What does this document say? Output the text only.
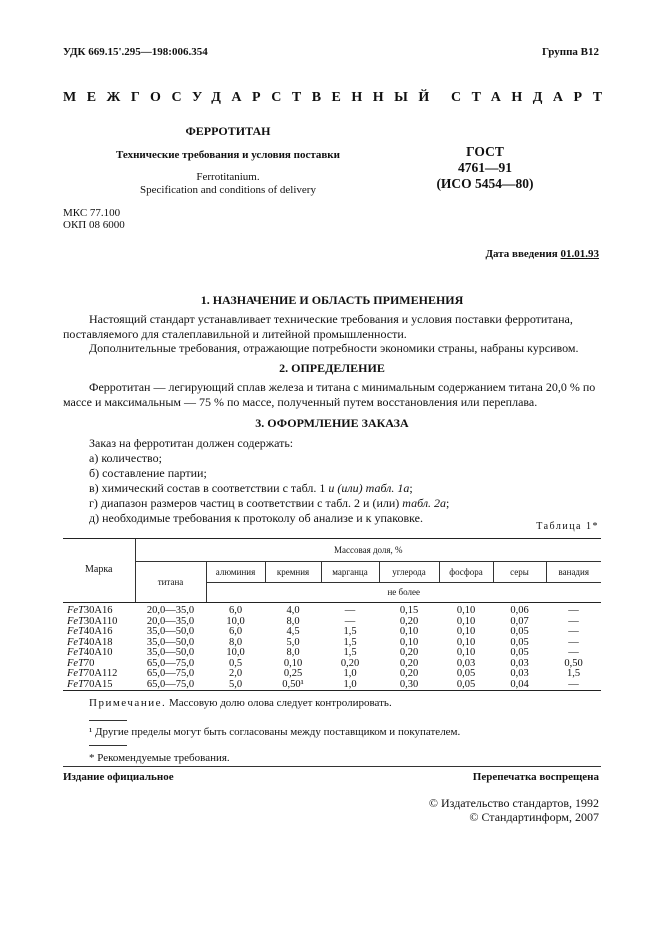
УДК 669.15'.295—198:006.354	Группа В12
МЕЖГОСУДАРСТВЕННЫЙ СТАНДАРТ
ФЕРРОТИТАН
Технические требования и условия поставки
Ferrotitanium.
Specification and conditions of delivery
ГОСТ
4761—91
(ИСО 5454—80)
МКС 77.100
ОКП 08 6000
Дата введения 01.01.93
1. НАЗНАЧЕНИЕ И ОБЛАСТЬ ПРИМЕНЕНИЯ
Настоящий стандарт устанавливает технические требования и условия поставки ферротитана, поставляемого для сталеплавильной и литейной промышленности.
Дополнительные требования, отражающие потребности экономики страны, набраны курсивом.
2. ОПРЕДЕЛЕНИЕ
Ферротитан — легирующий сплав железа и титана с минимальным содержанием титана 20,0 % по массе и максимальным — 75 % по массе, полученный путем восстановления или переплава.
3. ОФОРМЛЕНИЕ ЗАКАЗА
Заказ на ферротитан должен содержать:
а) количество;
б) составление партии;
в) химический состав в соответствии с табл. 1 и (или) табл. 1а;
г) диапазон размеров частиц в соответствии с табл. 2 и (или) табл. 2а;
д) необходимые требования к протоколу об анализе и к упаковке.
Таблица 1*
Марка	Массовая доля, %							
	титана	алюминия	кремния	марганца	углерода	фосфора	серы	ванадия
		не более						
FeT30A16	20,0—35,0	6,0	4,0	—	0,15	0,10	0,06	—
FeT30A110	20,0—35,0	10,0	8,0	—	0,20	0,10	0,07	—
FeT40A16	35,0—50,0	6,0	4,5	1,5	0,10	0,10	0,05	—
FeT40A18	35,0—50,0	8,0	5,0	1,5	0,10	0,10	0,05	—
FeT40A10	35,0—50,0	10,0	8,0	1,5	0,20	0,10	0,05	—
FeT70	65,0—75,0	0,5	0,10	0,20	0,20	0,03	0,03	0,50
FeT70A112	65,0—75,0	2,0	0,25	1,0	0,20	0,05	0,03	1,5
FeT70A15	65,0—75,0	5,0	0,50¹	1,0	0,30	0,05	0,04	—
Примечание. Массовую долю олова следует контролировать.
¹ Другие пределы могут быть согласованы между поставщиком и покупателем.
* Рекомендуемые требования.
Издание официальное	Перепечатка воспрещена
© Издательство стандартов, 1992
© Стандартинформ, 2007
